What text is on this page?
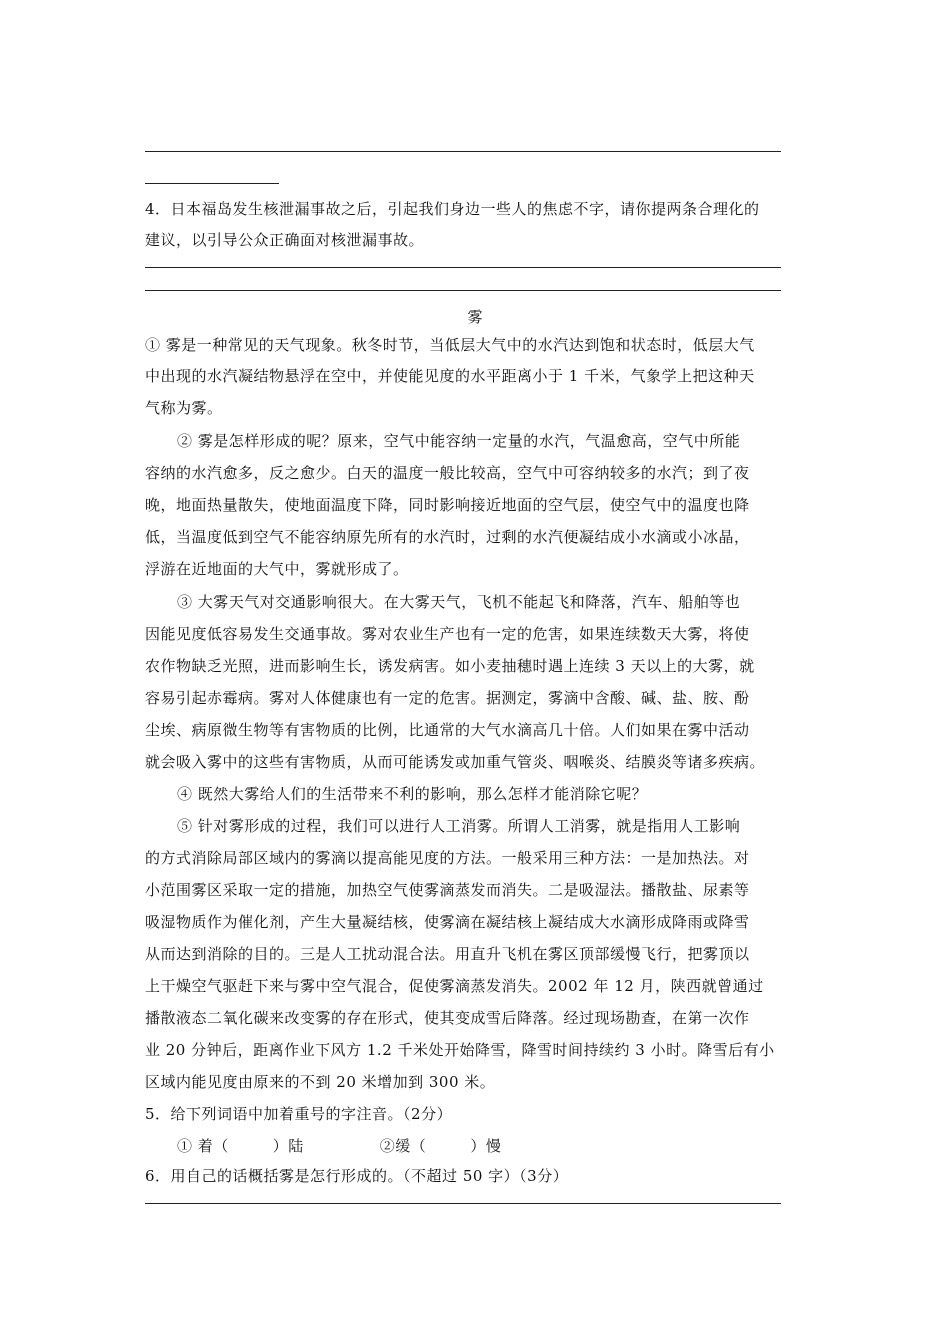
4．日本福岛发生核泄漏事故之后，引起我们身边一些人的焦虑不字，请你提两条合理化的
建议，以引导公众正确面对核泄漏事故。
雾
① 雾是一种常见的天气现象。秋冬时节，当低层大气中的水汽达到饱和状态时，低层大气
中出现的水汽凝结物悬浮在空中，并使能见度的水平距离小于 1 千米，气象学上把这种天
气称为雾。
② 雾是怎样形成的呢？原来，空气中能容纳一定量的水汽，气温愈高，空气中所能
容纳的水汽愈多，反之愈少。白天的温度一般比较高，空气中可容纳较多的水汽；到了夜
晚，地面热量散失，使地面温度下降，同时影响接近地面的空气层，使空气中的温度也降
低，当温度低到空气不能容纳原先所有的水汽时，过剩的水汽便凝结成小水滴或小冰晶，
浮游在近地面的大气中，雾就形成了。
③ 大雾天气对交通影响很大。在大雾天气，飞机不能起飞和降落，汽车、船舶等也
因能见度低容易发生交通事故。雾对农业生产也有一定的危害，如果连续数天大雾，将使
农作物缺乏光照，进而影响生长，诱发病害。如小麦抽穗时遇上连续 3 天以上的大雾，就
容易引起赤霉病。雾对人体健康也有一定的危害。据测定，雾滴中含酸、碱、盐、胺、酚
尘埃、病原微生物等有害物质的比例，比通常的大气水滴高几十倍。人们如果在雾中活动
就会吸入雾中的这些有害物质，从而可能诱发或加重气管炎、咽喉炎、结膜炎等诸多疾病。
④ 既然大雾给人们的生活带来不利的影响，那么怎样才能消除它呢？
⑤ 针对雾形成的过程，我们可以进行人工消雾。所谓人工消雾，就是指用人工影响
的方式消除局部区域内的雾滴以提高能见度的方法。一般采用三种方法：一是加热法。对
小范围雾区采取一定的措施，加热空气使雾滴蒸发而消失。二是吸湿法。播散盐、尿素等
吸湿物质作为催化剂，产生大量凝结核，使雾滴在凝结核上凝结成大水滴形成降雨或降雪
从而达到消除的目的。三是人工扰动混合法。用直升飞机在雾区顶部缓慢飞行，把雾顶以
上干燥空气驱赶下来与雾中空气混合，促使雾滴蒸发消失。2002 年 12 月，陕西就曾通过
播散液态二氧化碳来改变雾的存在形式，使其变成雪后降落。经过现场勘查，在第一次作
业 20 分钟后，距离作业下风方 1.2 千米处开始降雪，降雪时间持续约 3 小时。降雪后有小
区域内能见度由原来的不到 20 米增加到 300 米。
5．给下列词语中加着重号的字注音。（2分）
① 着（	）陆	②缓（	）慢
6．用自己的话概括雾是怎行形成的。（不超过 50 字）（3分）
